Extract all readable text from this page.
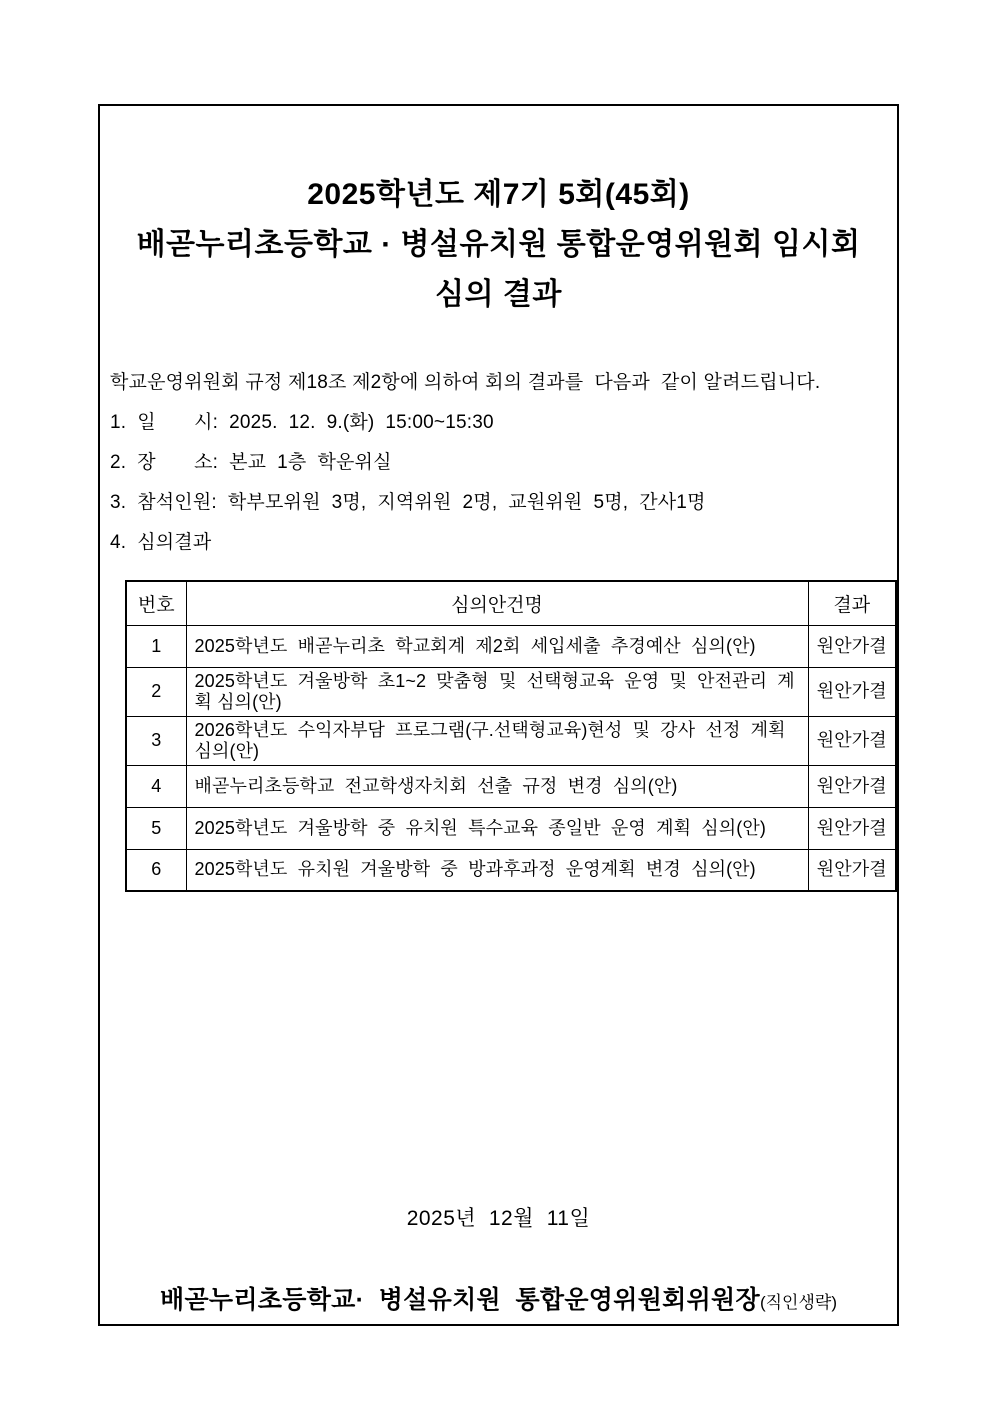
2025학년도 제7기 5회(45회)
배곧누리초등학교 · 병설유치원 통합운영위원회 임시회
심의 결과
학교운영위원회 규정 제18조 제2항에 의하여 회의 결과를  다음과  같이 알려드립니다.
1.  일       시:  2025.  12.  9.(화)  15:00~15:30
2.  장       소:  본교  1층  학운위실
3.  참석인원:  학부모위원  3명,  지역위원  2명,  교원위원  5명,  간사1명
4.  심의결과
번호	심의안건명	결과
1	2025학년도  배곧누리초  학교회계  제2회  세입세출  추경예산  심의(안)	원안가결
2	2025학년도  겨울방학  초1~2  맞춤형  및  선택형교육  운영  및  안전관리  계획 심의(안)	원안가결
3	2026학년도  수익자부담  프로그램(구.선택형교육)현성  및  강사  선정  계획심의(안)	원안가결
4	배곧누리초등학교  전교학생자치회  선출  규정  변경  심의(안)	원안가결
5	2025학년도  겨울방학  중  유치원  특수교육  종일반  운영  계획  심의(안)	원안가결
6	2025학년도  유치원  겨울방학  중  방과후과정  운영계획  변경  심의(안)	원안가결
2025년  12월  11일
배곧누리초등학교·  병설유치원  통합운영위원회위원장(직인생략)
